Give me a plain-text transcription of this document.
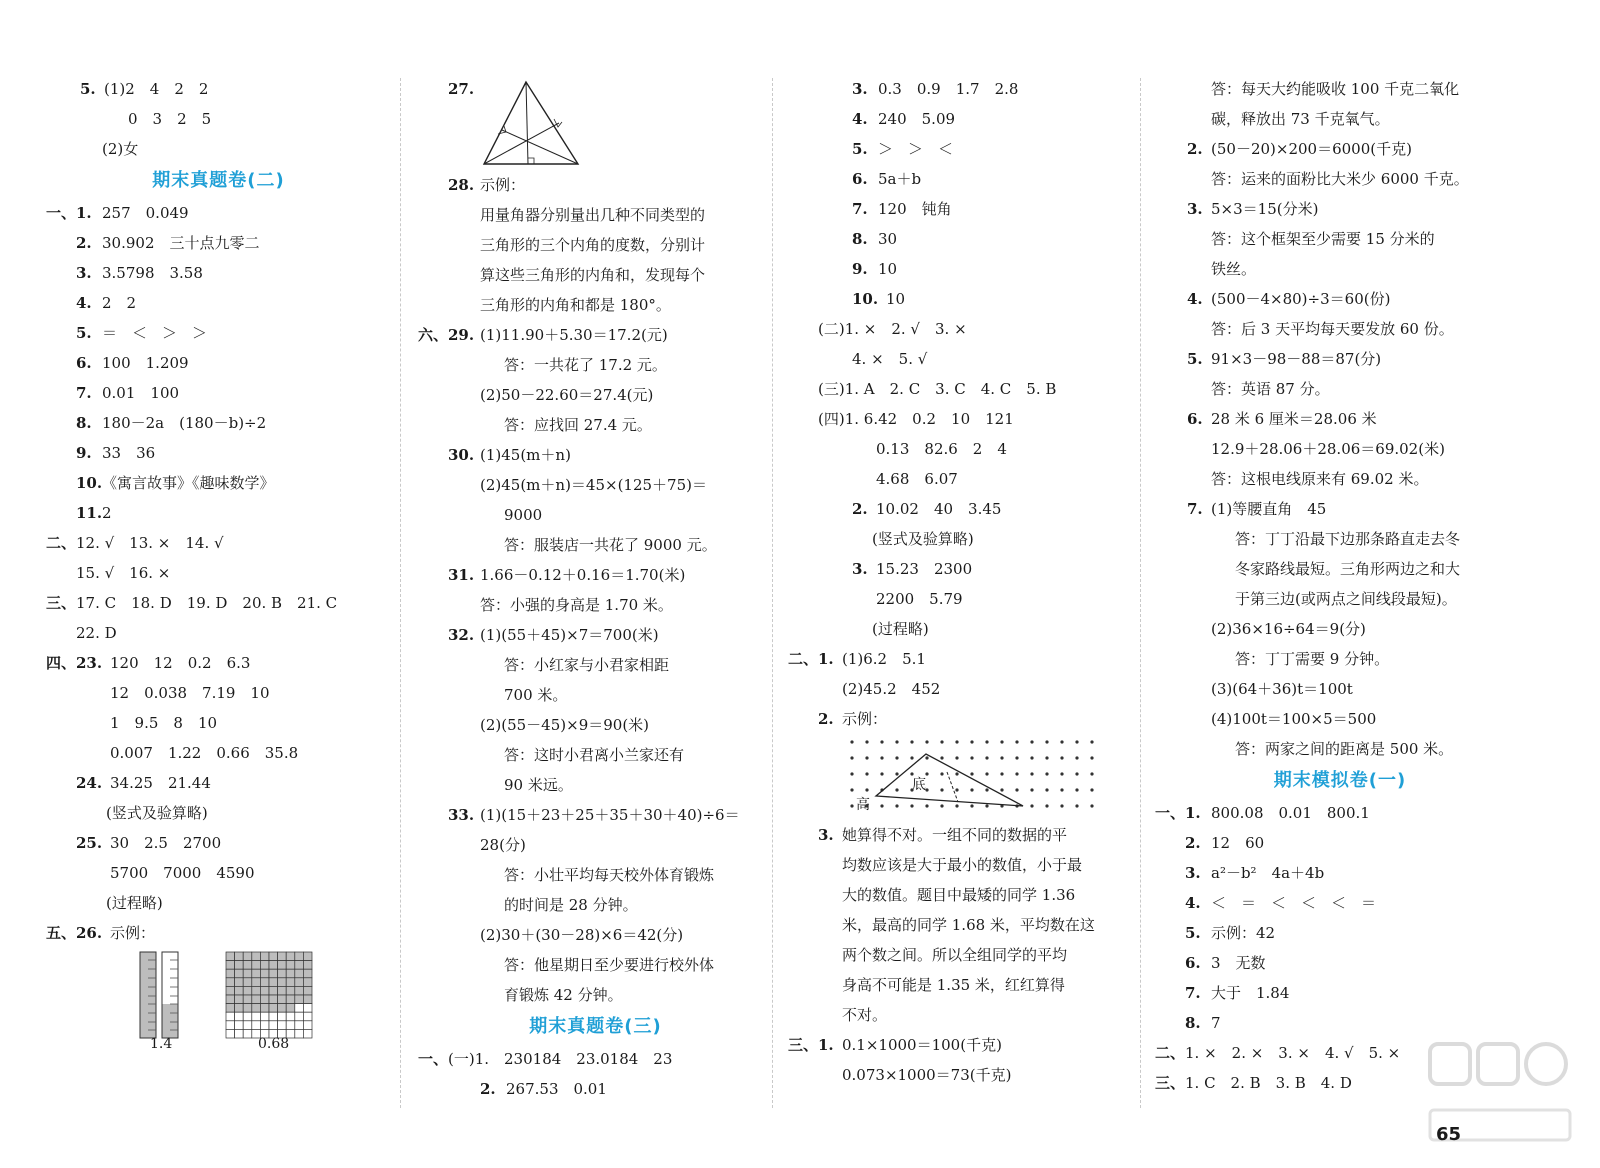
5. (1)2　4　2　2
0　3　2　5
(2)女
期末真题卷(二)
一、1. 257　0.049
2. 30.902　三十点九零二
3. 3.5798　3.58
4. 2　2
5. ＝　＜　＞　＞
6. 100　1.209
7. 0.01　100
8. 180－2a　(180－b)÷2
9. 33　36
10.《寓言故事》《趣味数学》
11.2
二、12. √　13. ×　14. √
15. √　16. ×
三、17. C　18. D　19. D　20. B　21. C
22. D
四、23. 120　12　0.2　6.3
12　0.038　7.19　10
1　9.5　8　10
0.007　1.22　0.66　35.8
24. 34.25　21.44
(竖式及验算略)
25. 30　2.5　2700
5700　7000　4590
(过程略)
五、26. 示例：
1.4	0.68
27.
28. 示例：
用量角器分别量出几种不同类型的
三角形的三个内角的度数，分别计
算这些三角形的内角和，发现每个
三角形的内角和都是 180°。
六、29. (1)11.90＋5.30＝17.2(元)
答：一共花了 17.2 元。
(2)50－22.60＝27.4(元)
答：应找回 27.4 元。
30. (1)45(m＋n)
(2)45(m＋n)＝45×(125＋75)＝
9000
答：服装店一共花了 9000 元。
31. 1.66－0.12＋0.16＝1.70(米)
答：小强的身高是 1.70 米。
32. (1)(55＋45)×7＝700(米)
答：小红家与小君家相距
700 米。
(2)(55－45)×9＝90(米)
答：这时小君离小兰家还有
90 米远。
33. (1)(15＋23＋25＋35＋30＋40)÷6＝
28(分)
答：小壮平均每天校外体育锻炼
的时间是 28 分钟。
(2)30＋(30－28)×6＝42(分)
答：他星期日至少要进行校外体
育锻炼 42 分钟。
期末真题卷(三)
一、(一)1.　230184　23.0184　23
2. 267.53　0.01
3. 0.3　0.9　1.7　2.8
4. 240　5.09
5. ＞　＞　＜
6. 5a＋b
7. 120　钝角
8. 30
9. 10
10. 10
(二)1. ×　2. √　3. ×
4. ×　5. √
(三)1. A　2. C　3. C　4. C　5. B
(四)1. 6.42　0.2　10　121
0.13　82.6　2　4
4.68　6.07
2. 10.02　40　3.45
(竖式及验算略)
3. 15.23　2300
2200　5.79
(过程略)
二、1. (1)6.2　5.1
(2)45.2　452
2. 示例：
高
底
3. 她算得不对。一组不同的数据的平
均数应该是大于最小的数值，小于最
大的数值。题目中最矮的同学 1.36
米，最高的同学 1.68 米，平均数在这
两个数之间。所以全组同学的平均
身高不可能是 1.35 米，红红算得
不对。
三、1. 0.1×1000＝100(千克)
0.073×1000＝73(千克)
答：每天大约能吸收 100 千克二氧化
碳，释放出 73 千克氧气。
2. (50－20)×200＝6000(千克)
答：运来的面粉比大米少 6000 千克。
3. 5×3＝15(分米)
答：这个框架至少需要 15 分米的
铁丝。
4. (500－4×80)÷3＝60(份)
答：后 3 天平均每天要发放 60 份。
5. 91×3－98－88＝87(分)
答：英语 87 分。
6. 28 米 6 厘米＝28.06 米
12.9＋28.06＋28.06＝69.02(米)
答：这根电线原来有 69.02 米。
7. (1)等腰直角　45
答：丁丁沿最下边那条路直走去冬
冬家路线最短。三角形两边之和大
于第三边(或两点之间线段最短)。
(2)36×16÷64＝9(分)
答：丁丁需要 9 分钟。
(3)(64＋36)t＝100t
(4)100t＝100×5＝500
答：两家之间的距离是 500 米。
期末模拟卷(一)
一、1. 800.08　0.01　800.1
2. 12　60
3. a²－b²　4a＋4b
4. ＜　＝　＜　＜　＜　＝
5. 示例：42
6. 3　无数
7. 大于　1.84
8. 7
二、1. ×　2. ×　3. ×　4. √　5. ×
三、1. C　2. B　3. B　4. D
65
